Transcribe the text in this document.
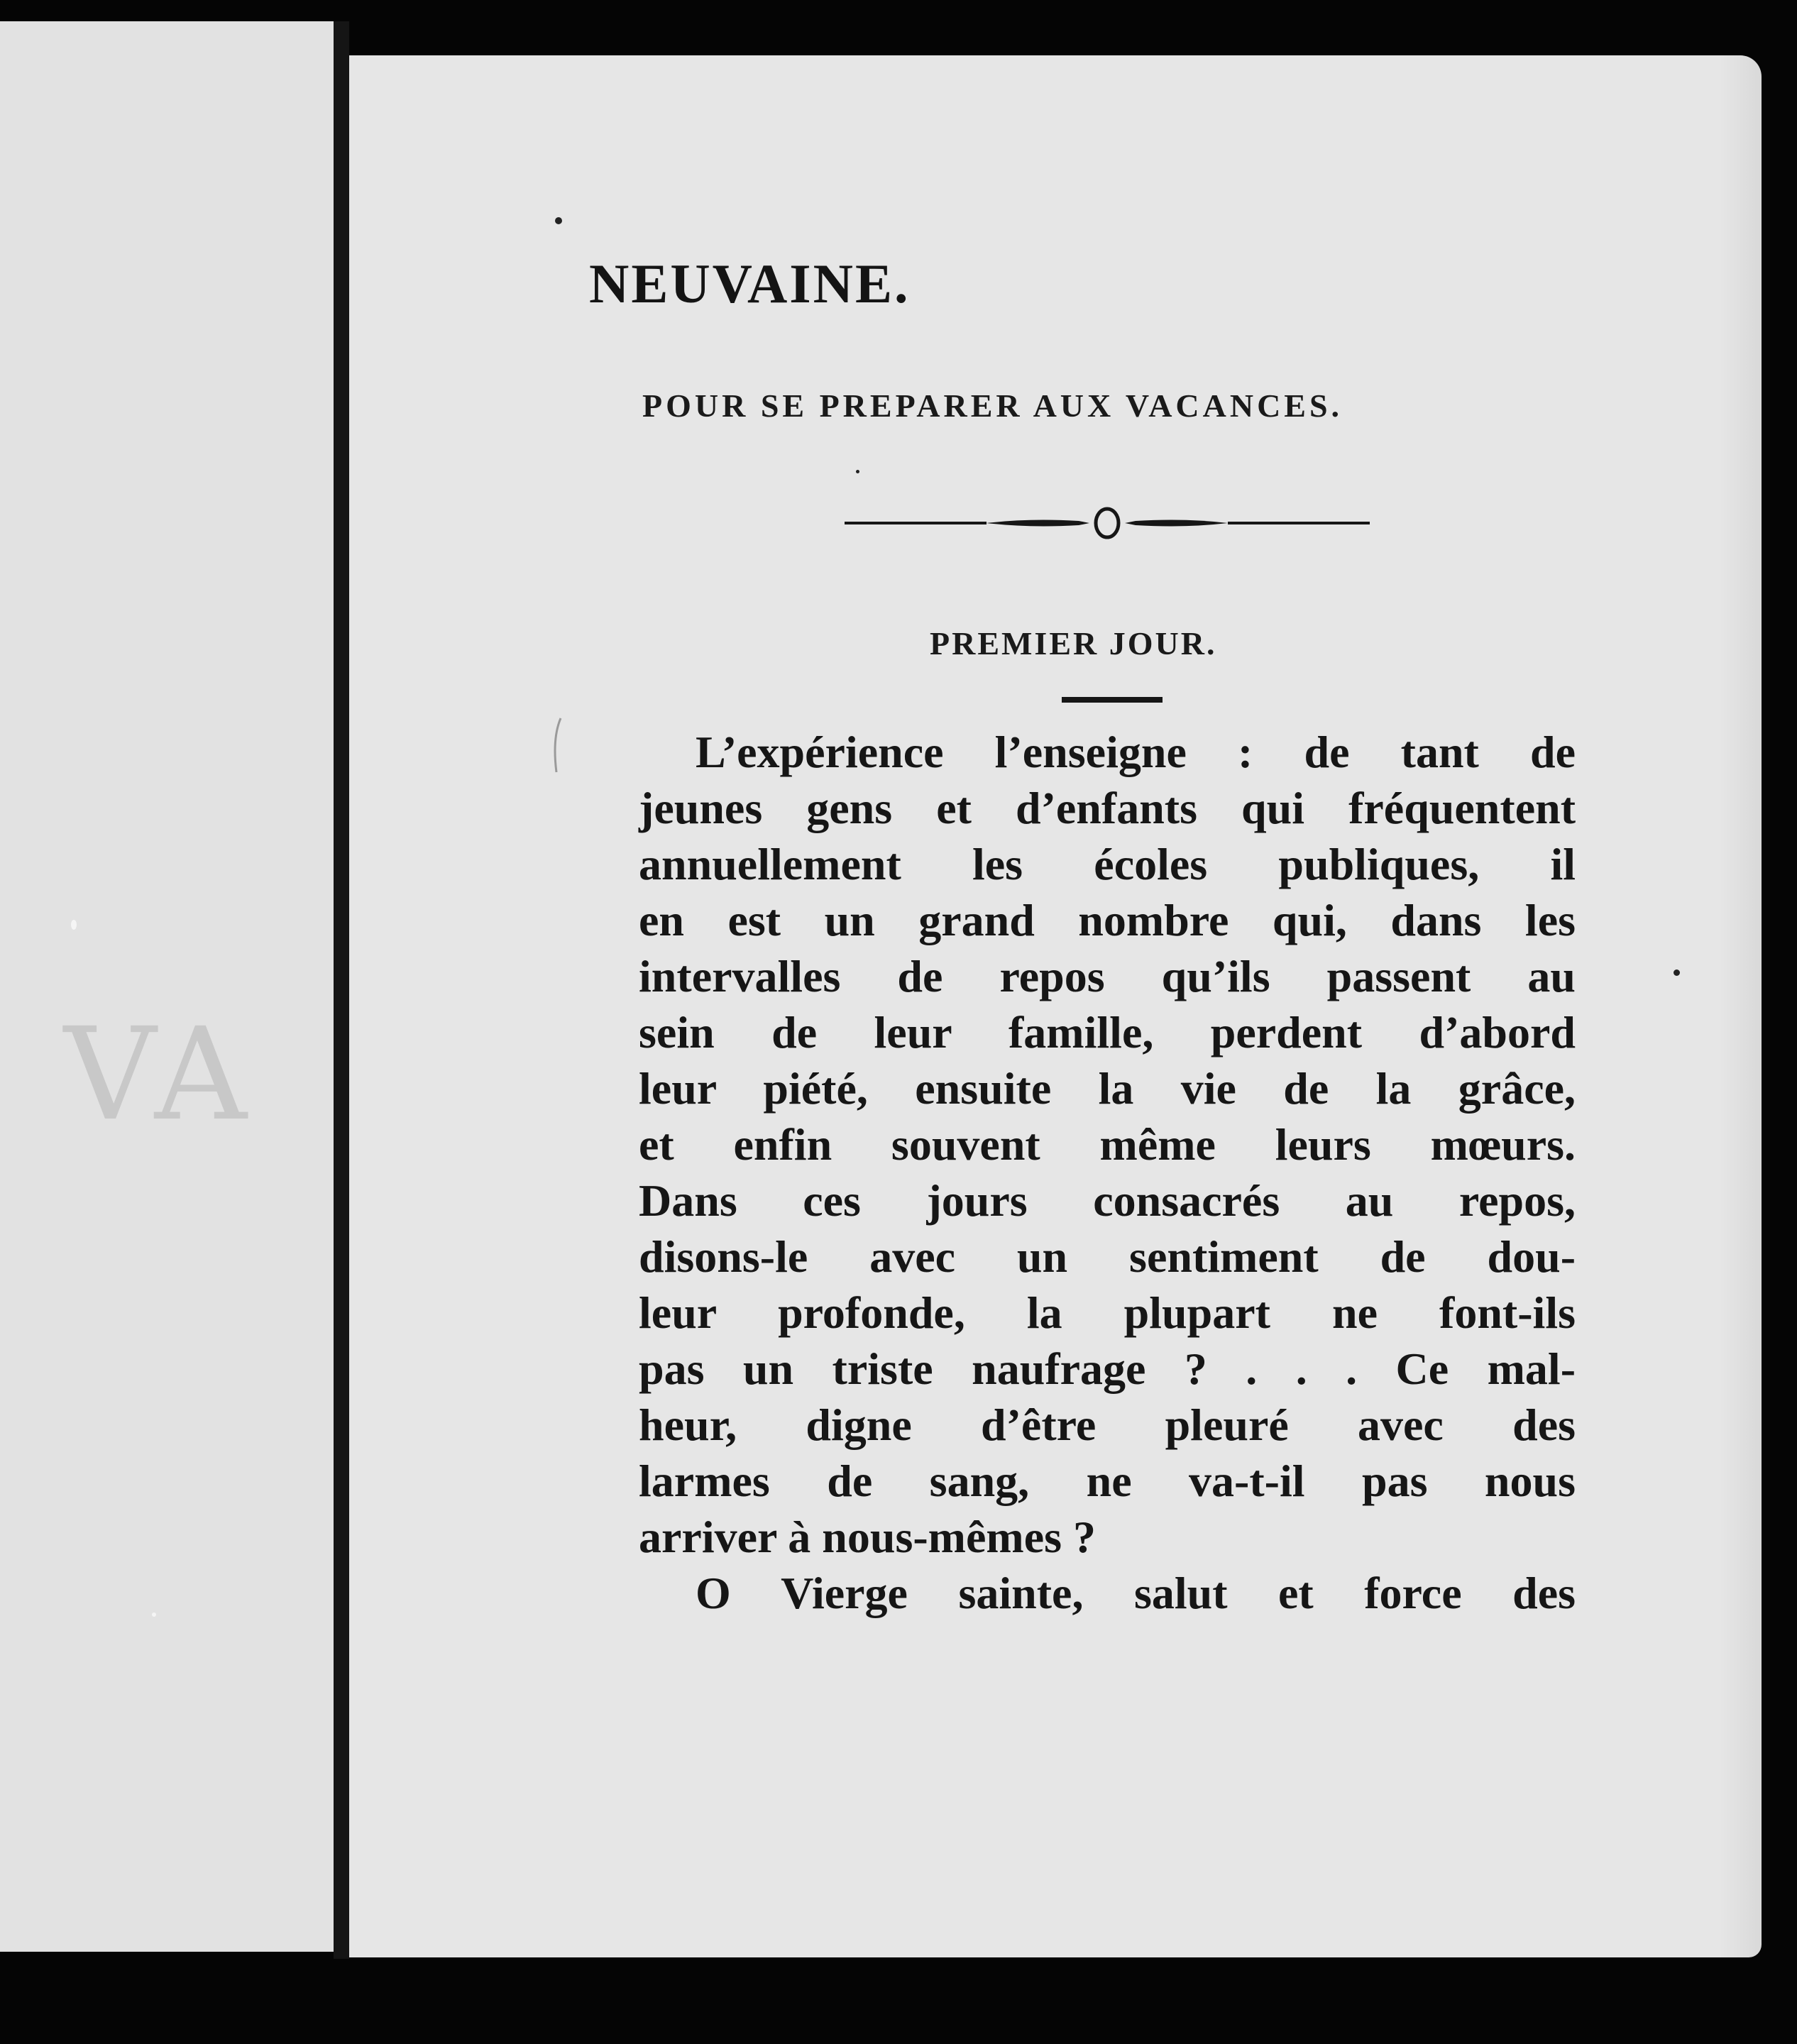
VA
NEUVAINE.
POUR SE PREPARER AUX VACANCES.
PREMIER JOUR.
L’expérience l’enseigne : de tant de
jeunes gens et d’enfants qui fréquentent
annuellement les écoles publiques, il
en est un grand nombre qui, dans les
intervalles de repos qu’ils passent au
sein de leur famille, perdent d’abord
leur piété, ensuite la vie de la grâce,
et enfin souvent même leurs mœurs.
Dans ces jours consacrés au repos,
disons-le avec un sentiment de dou-
leur profonde, la plupart ne font-ils
pas un triste naufrage ? . . . Ce mal-
heur, digne d’être pleuré avec des
larmes de sang, ne va-t-il pas nous
arriver à nous-mêmes ?
O Vierge sainte, salut et force des
